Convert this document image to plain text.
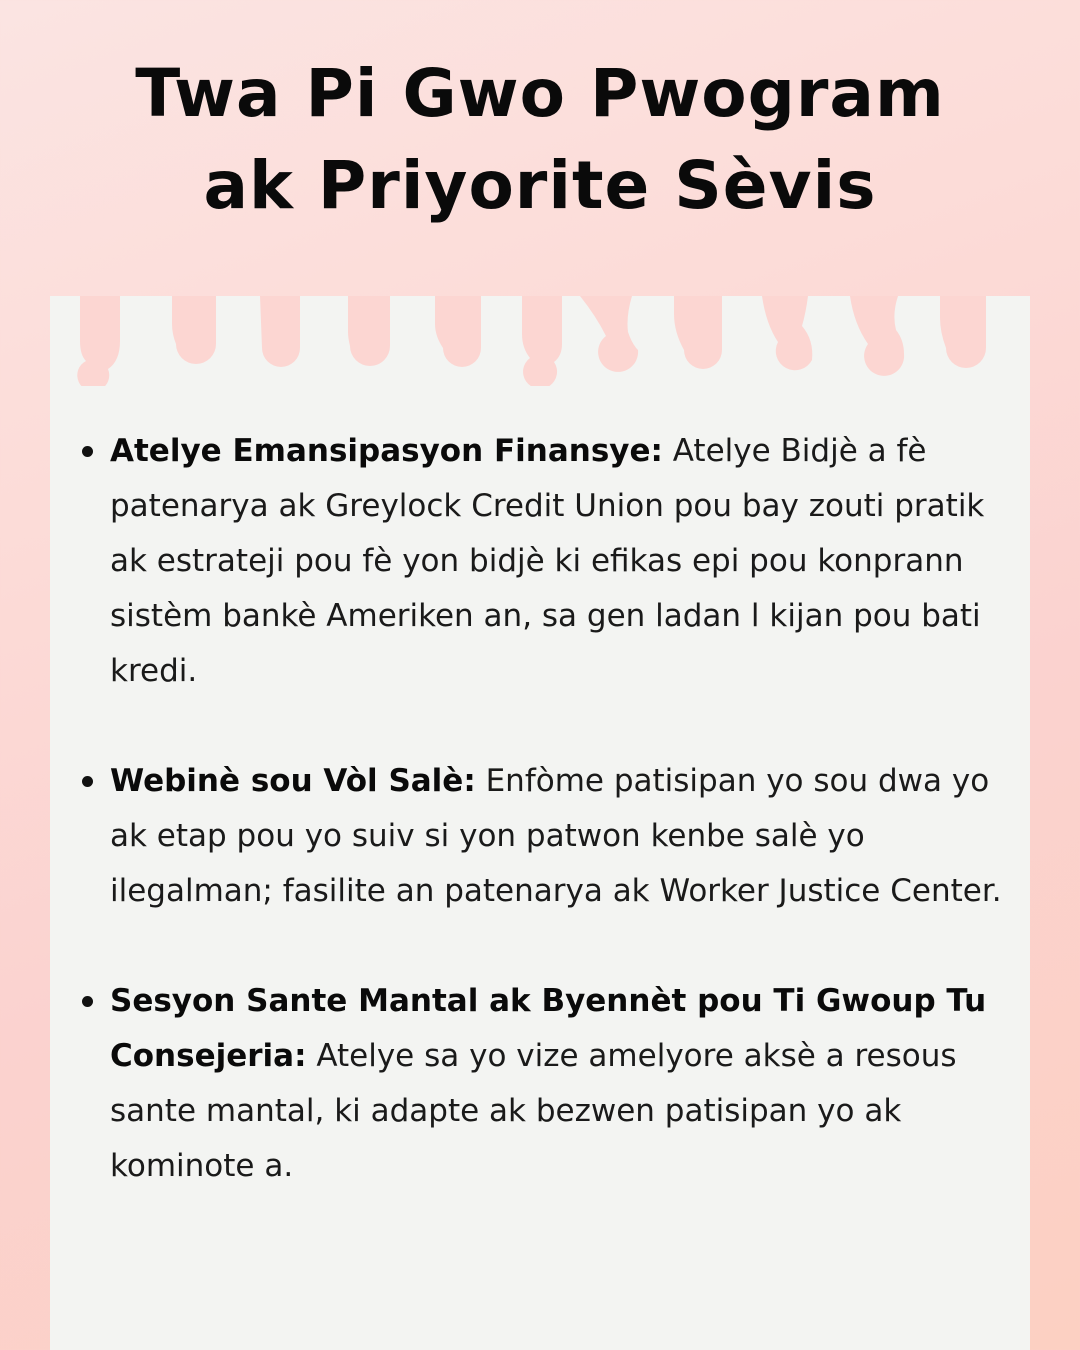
Twa Pi Gwo Pwogram
ak Priyorite Sèvis
Atelye Emansipasyon Finansye: Atelye Bidjè a fè patenarya ak Greylock Credit Union pou bay zouti pratik ak estrateji pou fè yon bidjè ki efikas epi pou konprann sistèm bankè Ameriken an, sa gen ladan l kijan pou bati kredi.
Webinè sou Vòl Salè: Enfòme patisipan yo sou dwa yo ak etap pou yo suiv si yon patwon kenbe salè yo ilegalman; fasilite an patenarya ak Worker Justice Center.
Sesyon Sante Mantal ak Byennèt pou Ti Gwoup Tu Consejeria: Atelye sa yo vize amelyore aksè a resous sante mantal, ki adapte ak bezwen patisipan yo ak kominote a.
